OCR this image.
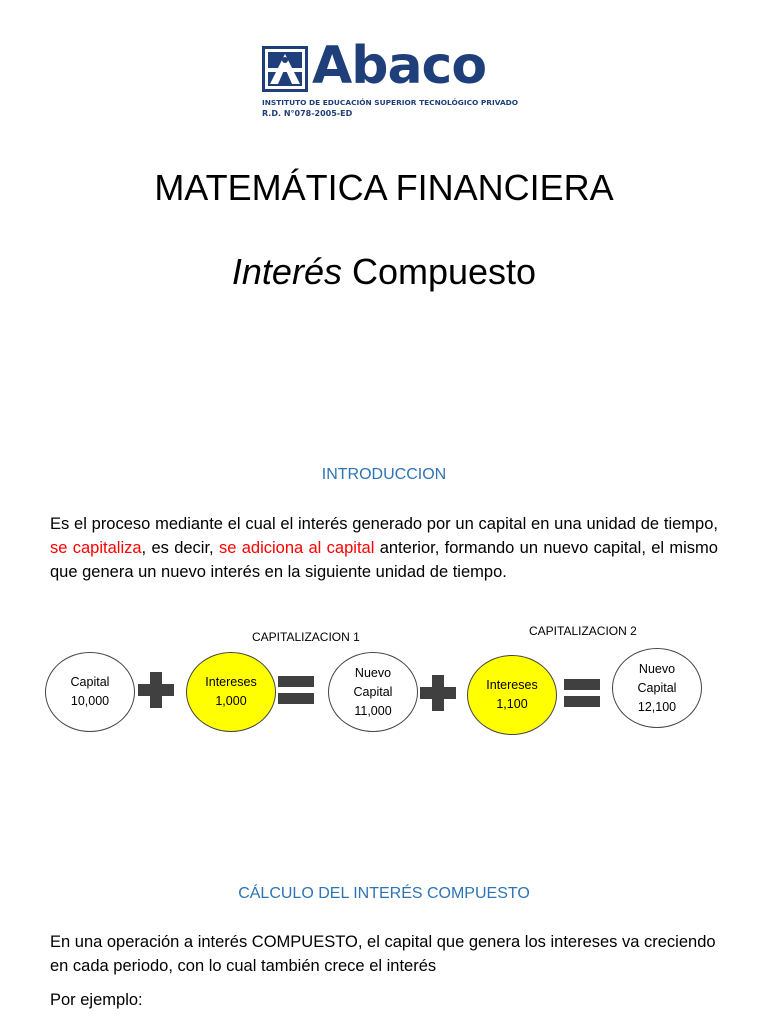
Abaco
INSTITUTO DE EDUCACIÓN SUPERIOR TECNOLÓGICO PRIVADO
R.D. N°078-2005-ED
MATEMÁTICA FINANCIERA
Interés Compuesto
INTRODUCCION
Es el proceso mediante el cual el interés generado por un capital en una unidad de tiempo, se capitaliza, es decir, se adiciona al capital anterior, formando un nuevo capital, el mismo que genera un nuevo interés en la siguiente unidad de tiempo.
CAPITALIZACION 1	CAPITALIZACION 2
Capital
10,000
Intereses
1,000
Nuevo
Capital
11,000
Intereses
1,100
Nuevo
Capital
12,100
CÁLCULO DEL INTERÉS COMPUESTO
En una operación a interés COMPUESTO, el capital que genera los intereses va creciendo en cada periodo, con lo cual también crece el interés
Por ejemplo:
